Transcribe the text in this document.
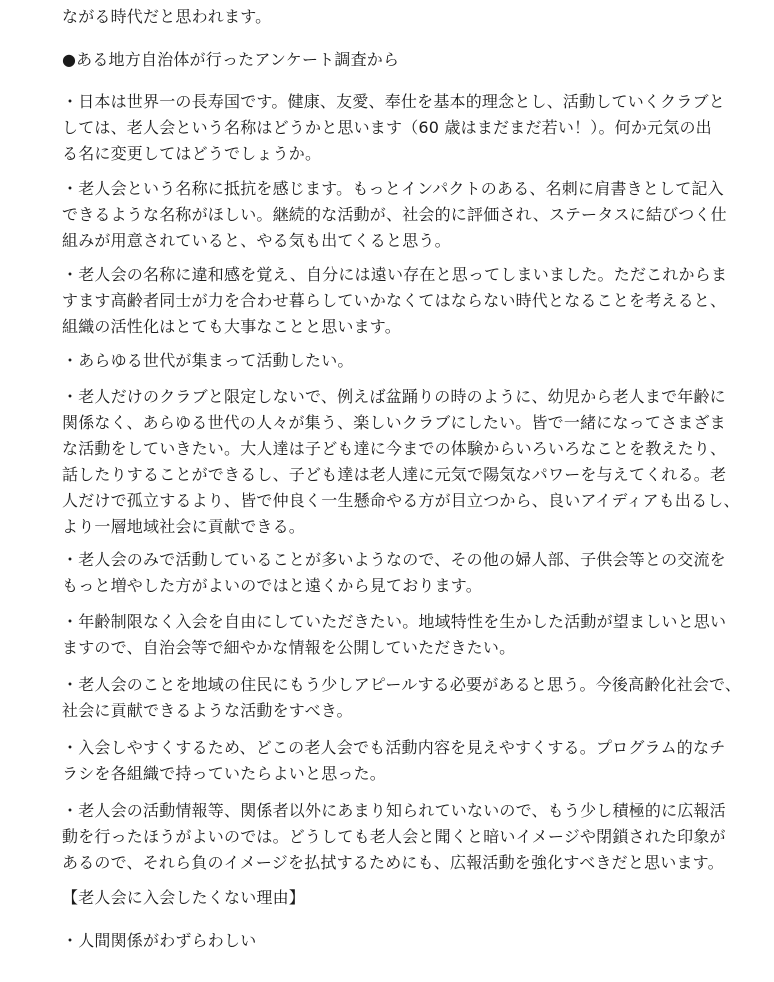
ながる時代だと思われます。

●ある地方自治体が行ったアンケート調査から

・日本は世界一の長寿国です。健康、友愛、奉仕を基本的理念とし、活動していくクラブと
しては、老人会という名称はどうかと思います（60 歳はまだまだ若い！）。何か元気の出
る名に変更してはどうでしょうか。

・老人会という名称に抵抗を感じます。もっとインパクトのある、名刺に肩書きとして記入
できるような名称がほしい。継続的な活動が、社会的に評価され、ステータスに結びつく仕
組みが用意されていると、やる気も出てくると思う。

・老人会の名称に違和感を覚え、自分には遠い存在と思ってしまいました。ただこれからま
すます高齢者同士が力を合わせ暮らしていかなくてはならない時代となることを考えると、
組織の活性化はとても大事なことと思います。

・あらゆる世代が集まって活動したい。

・老人だけのクラブと限定しないで、例えば盆踊りの時のように、幼児から老人まで年齢に
関係なく、あらゆる世代の人々が集う、楽しいクラブにしたい。皆で一緒になってさまざま
な活動をしていきたい。大人達は子ども達に今までの体験からいろいろなことを教えたり、
話したりすることができるし、子ども達は老人達に元気で陽気なパワーを与えてくれる。老
人だけで孤立するより、皆で仲良く一生懸命やる方が目立つから、良いアイディアも出るし、
より一層地域社会に貢献できる。

・老人会のみで活動していることが多いようなので、その他の婦人部、子供会等との交流を
もっと増やした方がよいのではと遠くから見ております。

・年齢制限なく入会を自由にしていただきたい。地域特性を生かした活動が望ましいと思い
ますので、自治会等で細やかな情報を公開していただきたい。

・老人会のことを地域の住民にもう少しアピールする必要があると思う。今後高齢化社会で、
社会に貢献できるような活動をすべき。

・入会しやすくするため、どこの老人会でも活動内容を見えやすくする。プログラム的なチ
ラシを各組織で持っていたらよいと思った。

・老人会の活動情報等、関係者以外にあまり知られていないので、もう少し積極的に広報活
動を行ったほうがよいのでは。どうしても老人会と聞くと暗いイメージや閉鎖された印象が
あるので、それら負のイメージを払拭するためにも、広報活動を強化すべきだと思います。

【老人会に入会したくない理由】

・人間関係がわずらわしい
